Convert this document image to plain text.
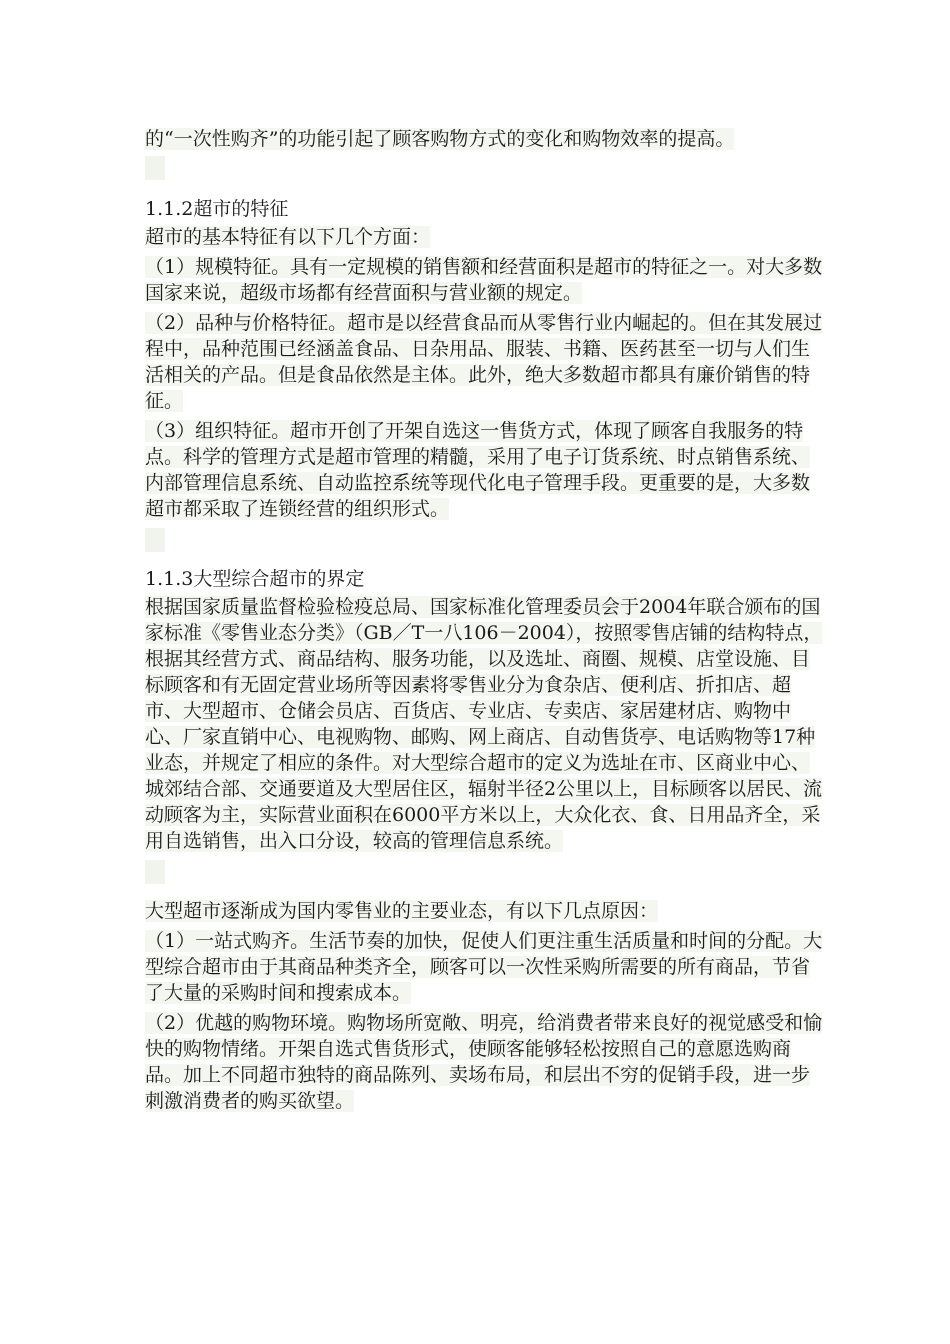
的“一次性购齐”的功能引起了顾客购物方式的变化和购物效率的提高。

1.1.2超市的特征

超市的基本特征有以下几个方面：

（1）规模特征。具有一定规模的销售额和经营面积是超市的特征之一。对大多数国家来说，超级市场都有经营面积与营业额的规定。

（2）品种与价格特征。超市是以经营食品而从零售行业内崛起的。但在其发展过程中，品种范围已经涵盖食品、日杂用品、服装、书籍、医药甚至一切与人们生活相关的产品。但是食品依然是主体。此外，绝大多数超市都具有廉价销售的特征。

（3）组织特征。超市开创了开架自选这一售货方式，体现了顾客自我服务的特点。科学的管理方式是超市管理的精髓，采用了电子订货系统、时点销售系统、内部管理信息系统、自动监控系统等现代化电子管理手段。更重要的是，大多数超市都采取了连锁经营的组织形式。

1.1.3大型综合超市的界定

根据国家质量监督检验检疫总局、国家标准化管理委员会于2004年联合颁布的国家标准《零售业态分类》（GB／T一八106－2004），按照零售店铺的结构特点，根据其经营方式、商品结构、服务功能，以及选址、商圈、规模、店堂设施、目标顾客和有无固定营业场所等因素将零售业分为食杂店、便利店、折扣店、超市、大型超市、仓储会员店、百货店、专业店、专卖店、家居建材店、购物中心、厂家直销中心、电视购物、邮购、网上商店、自动售货亭、电话购物等17种业态，并规定了相应的条件。对大型综合超市的定义为选址在市、区商业中心、城郊结合部、交通要道及大型居住区，辐射半径2公里以上，目标顾客以居民、流动顾客为主，实际营业面积在6000平方米以上，大众化衣、食、日用品齐全，采用自选销售，出入口分设，较高的管理信息系统。

大型超市逐渐成为国内零售业的主要业态，有以下几点原因：

（1）一站式购齐。生活节奏的加快，促使人们更注重生活质量和时间的分配。大型综合超市由于其商品种类齐全，顾客可以一次性采购所需要的所有商品，节省了大量的采购时间和搜索成本。

（2）优越的购物环境。购物场所宽敞、明亮，给消费者带来良好的视觉感受和愉快的购物情绪。开架自选式售货形式，使顾客能够轻松按照自己的意愿选购商品。加上不同超市独特的商品陈列、卖场布局，和层出不穷的促销手段，进一步刺激消费者的购买欲望。
